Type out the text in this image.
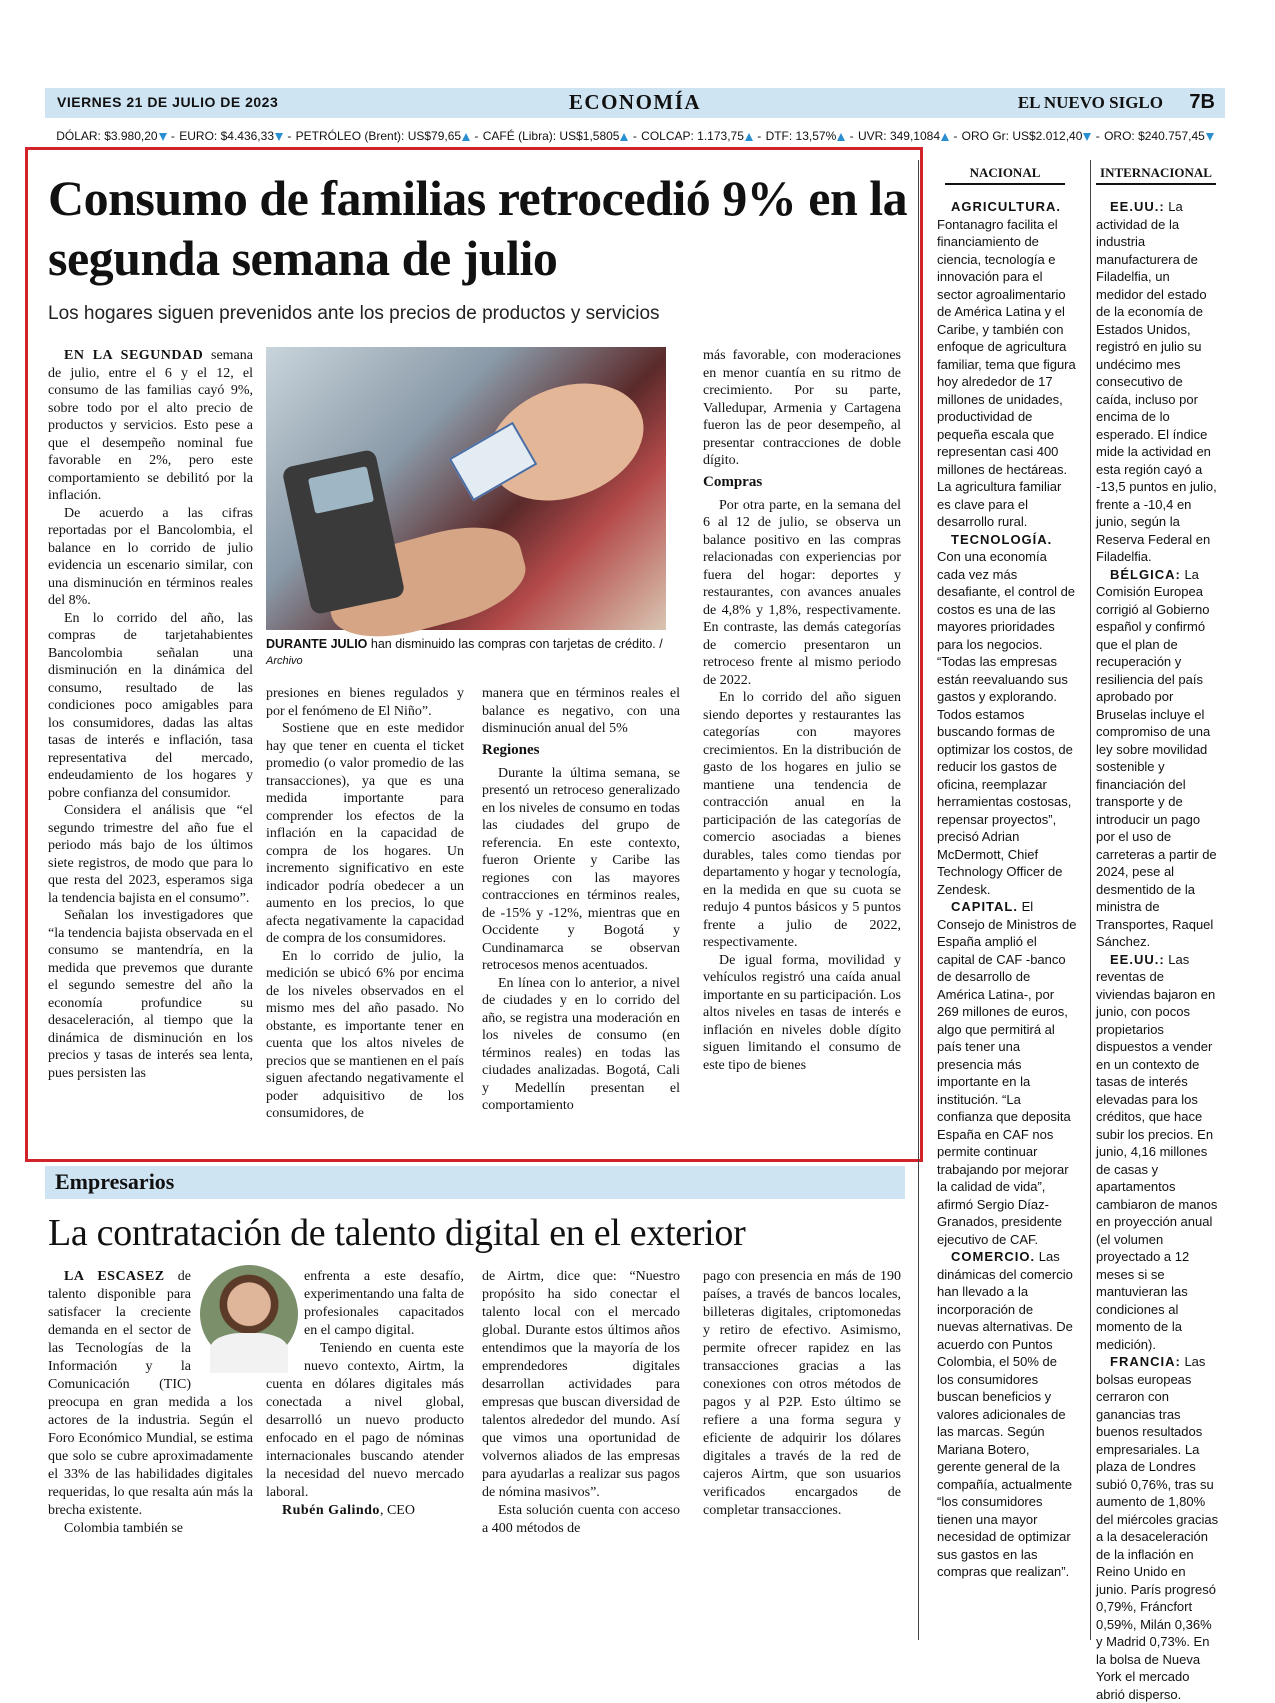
VIERNES 21 DE JULIO DE 2023	ECONOMÍA	EL NUEVO SIGLO 7B
DÓLAR: $3.980,20 - EURO: $4.436,33 - PETRÓLEO (Brent): US$79,65 - CAFÉ (Libra): US$1,5805 - COLCAP: 1.173,75 - DTF: 13,57% - UVR: 349,1084 - ORO Gr: US$2.012,40 - ORO: $240.757,45
Consumo de familias retrocedió 9% en la segunda semana de julio
Los hogares siguen prevenidos ante los precios de productos y servicios

EN LA SEGUNDAD semana de julio, entre el 6 y el 12, el consumo de las familias cayó 9%, sobre todo por el alto precio de productos y servicios. Esto pese a que el desempeño nominal fue favorable en 2%, pero este comportamiento se debilitó por la inflación.

De acuerdo a las cifras reportadas por el Bancolombia, el balance en lo corrido de julio evidencia un escenario similar, con una disminución en términos reales del 8%.

En lo corrido del año, las compras de tarjetahabientes Bancolombia señalan una disminución en la dinámica del consumo, resultado de las condiciones poco amigables para los consumidores, dadas las altas tasas de interés e inflación, tasa representativa del mercado, endeudamiento de los hogares y pobre confianza del consumidor.

Considera el análisis que “el segundo trimestre del año fue el periodo más bajo de los últimos siete registros, de modo que para lo que resta del 2023, esperamos siga la tendencia bajista en el consumo”.

Señalan los investigadores que “la tendencia bajista observada en el consumo se mantendría, en la medida que prevemos que durante el segundo semestre del año la economía profundice su desaceleración, al tiempo que la dinámica de disminución en los precios y tasas de interés sea lenta, pues persisten las

DURANTE JULIO han disminuido las compras con tarjetas de crédito. /
Archivo

presiones en bienes regulados y por el fenómeno de El Niño”.

Sostiene que en este medidor hay que tener en cuenta el ticket promedio (o valor promedio de las transacciones), ya que es una medida importante para comprender los efectos de la inflación en la capacidad de compra de los hogares. Un incremento significativo en este indicador podría obedecer a un aumento en los precios, lo que afecta negativamente la capacidad de compra de los consumidores.

En lo corrido de julio, la medición se ubicó 6% por encima de los niveles observados en el mismo mes del año pasado. No obstante, es importante tener en cuenta que los altos niveles de precios que se mantienen en el país siguen afectando negativamente el poder adquisitivo de los consumidores, de

manera que en términos reales el balance es negativo, con una disminución anual del 5%

Regiones

Durante la última semana, se presentó un retroceso generalizado en los niveles de consumo en todas las ciudades del grupo de referencia. En este contexto, fueron Oriente y Caribe las regiones con las mayores contracciones en términos reales, de -15% y -12%, mientras que en Occidente y Bogotá y Cundinamarca se observan retrocesos menos acentuados.

En línea con lo anterior, a nivel de ciudades y en lo corrido del año, se registra una moderación en los niveles de consumo (en términos reales) en todas las ciudades analizadas. Bogotá, Cali y Medellín presentan el comportamiento

más favorable, con moderaciones en menor cuantía en su ritmo de crecimiento. Por su parte, Valledupar, Armenia y Cartagena fueron las de peor desempeño, al presentar contracciones de doble dígito.

Compras

Por otra parte, en la semana del 6 al 12 de julio, se observa un balance positivo en las compras relacionadas con experiencias por fuera del hogar: deportes y restaurantes, con avances anuales de 4,8% y 1,8%, respectivamente. En contraste, las demás categorías de comercio presentaron un retroceso frente al mismo periodo de 2022.

En lo corrido del año siguen siendo deportes y restaurantes las categorías con mayores crecimientos. En la distribución de gasto de los hogares en julio se mantiene una tendencia de contracción anual en la participación de las categorías de comercio asociadas a bienes durables, tales como tiendas por departamento y hogar y tecnología, en la medida en que su cuota se redujo 4 puntos básicos y 5 puntos frente a julio de 2022, respectivamente.

De igual forma, movilidad y vehículos registró una caída anual importante en su participación. Los altos niveles en tasas de interés e inflación en niveles doble dígito siguen limitando el consumo de este tipo de bienes

Empresarios
La contratación de talento digital en el exterior

LA ESCASEZ de talento disponible para satisfacer la creciente demanda en el sector de las Tecnologías de la Información y la Comunicación (TIC) preocupa en gran medida a los actores de la industria. Según el Foro Económico Mundial, se estima que solo se cubre aproximadamente el 33% de las habilidades digitales requeridas, lo que resalta aún más la brecha existente.

Colombia también se

enfrenta a este desafío, experimentando una falta de profesionales capacitados en el campo digital.

Teniendo en cuenta este nuevo contexto, Airtm, la cuenta en dólares digitales más conectada a nivel global, desarrolló un nuevo producto enfocado en el pago de nóminas internacionales buscando atender la necesidad del nuevo mercado laboral.

Rubén Galindo, CEO

de Airtm, dice que: “Nuestro propósito ha sido conectar el talento local con el mercado global. Durante estos últimos años entendimos que la mayoría de los emprendedores digitales desarrollan actividades para empresas que buscan diversidad de talentos alrededor del mundo. Así que vimos una oportunidad de volvernos aliados de las empresas para ayudarlas a realizar sus pagos de nómina masivos”.

Esta solución cuenta con acceso a 400 métodos de

pago con presencia en más de 190 países, a través de bancos locales, billeteras digitales, criptomonedas y retiro de efectivo. Asimismo, permite ofrecer rapidez en las transacciones gracias a las conexiones con otros métodos de pagos y al P2P. Esto último se refiere a una forma segura y eficiente de adquirir los dólares digitales a través de la red de cajeros Airtm, que son usuarios verificados encargados de completar transacciones.

NACIONAL	INTERNACIONAL

AGRICULTURA. Fontanagro facilita el financiamiento de ciencia, tecnología e innovación para el sector agroalimentario de América Latina y el Caribe, y también con enfoque de agricultura familiar, tema que figura hoy alrededor de 17 millones de unidades, productividad de pequeña escala que representan casi 400 millones de hectáreas. La agricultura familiar es clave para el desarrollo rural.

TECNOLOGÍA. Con una economía cada vez más desafiante, el control de costos es una de las mayores prioridades para los negocios. “Todas las empresas están reevaluando sus gastos y explorando. Todos estamos buscando formas de optimizar los costos, de reducir los gastos de oficina, reemplazar herramientas costosas, repensar proyectos”, precisó Adrian McDermott, Chief Technology Officer de Zendesk.

CAPITAL. El Consejo de Ministros de España amplió el capital de CAF -banco de desarrollo de América Latina-, por 269 millones de euros, algo que permitirá al país tener una presencia más importante en la institución. “La confianza que deposita España en CAF nos permite continuar trabajando por mejorar la calidad de vida”, afirmó Sergio Díaz-Granados, presidente ejecutivo de CAF.

COMERCIO. Las dinámicas del comercio han llevado a la incorporación de nuevas alternativas. De acuerdo con Puntos Colombia, el 50% de los consumidores buscan beneficios y valores adicionales de las marcas. Según Mariana Botero, gerente general de la compañía, actualmente “los consumidores tienen una mayor necesidad de optimizar sus gastos en las compras que realizan”.

EE.UU.: La actividad de la industria manufacturera de Filadelfia, un medidor del estado de la economía de Estados Unidos, registró en julio su undécimo mes consecutivo de caída, incluso por encima de lo esperado. El índice mide la actividad en esta región cayó a -13,5 puntos en julio, frente a -10,4 en junio, según la Reserva Federal en Filadelfia.

BÉLGICA: La Comisión Europea corrigió al Gobierno español y confirmó que el plan de recuperación y resiliencia del país aprobado por Bruselas incluye el compromiso de una ley sobre movilidad sostenible y financiación del transporte y de introducir un pago por el uso de carreteras a partir de 2024, pese al desmentido de la ministra de Transportes, Raquel Sánchez.

EE.UU.: Las reventas de viviendas bajaron en junio, con pocos propietarios dispuestos a vender en un contexto de tasas de interés elevadas para los créditos, que hace subir los precios. En junio, 4,16 millones de casas y apartamentos cambiaron de manos en proyección anual (el volumen proyectado a 12 meses si se mantuvieran las condiciones al momento de la medición).

FRANCIA: Las bolsas europeas cerraron con ganancias tras buenos resultados empresariales. La plaza de Londres subió 0,76%, tras su aumento de 1,80% del miércoles gracias a la desaceleración de la inflación en Reino Unido en junio. París progresó 0,79%, Fráncfort 0,59%, Milán 0,36% y Madrid 0,73%. En la bolsa de Nueva York el mercado abrió disperso.
